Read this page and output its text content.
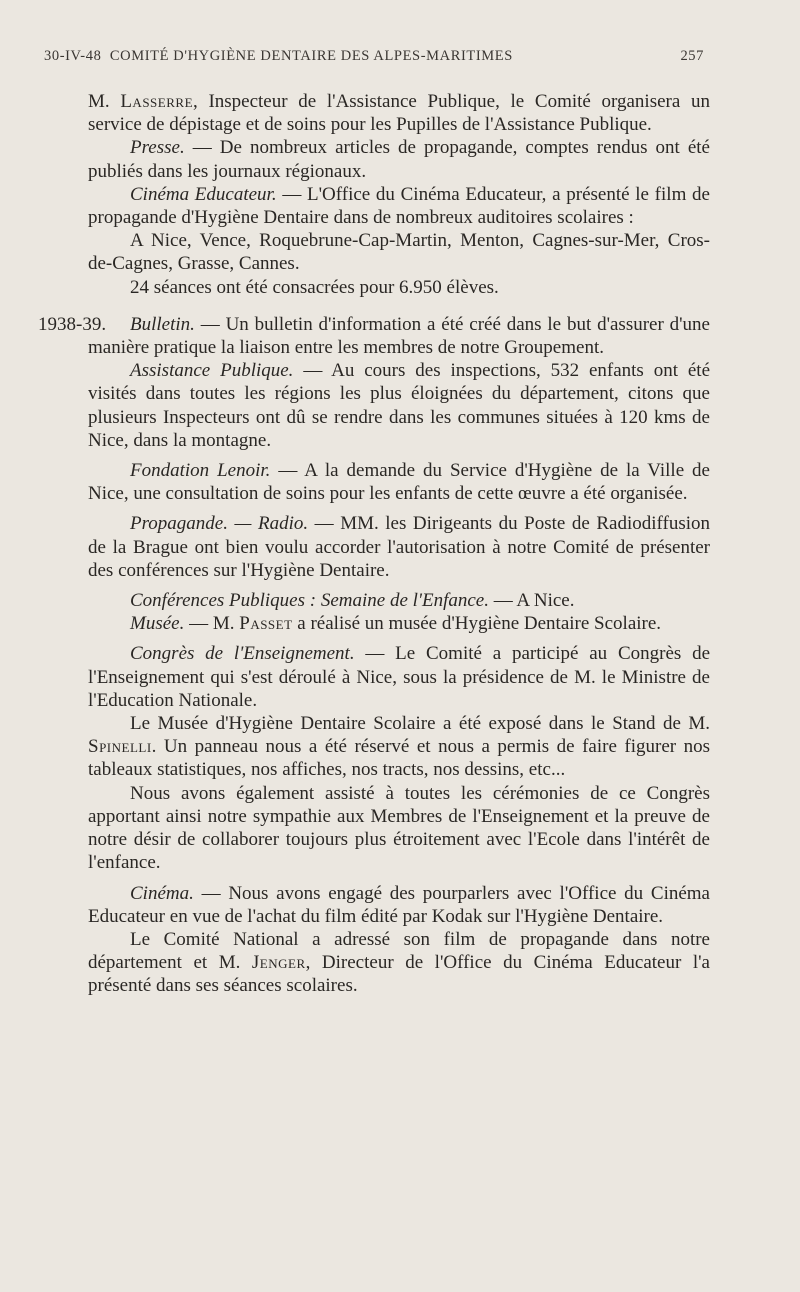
30-IV-48 COMITÉ D'HYGIÈNE DENTAIRE DES ALPES-MARITIMES	257

M. Lasserre, Inspecteur de l'Assistance Publique, le Comité organisera un service de dépistage et de soins pour les Pupilles de l'Assistance Publique.

Presse. — De nombreux articles de propagande, comptes rendus ont été publiés dans les journaux régionaux.

Cinéma Educateur. — L'Office du Cinéma Educateur, a présenté le film de propagande d'Hygiène Dentaire dans de nombreux auditoires scolaires :

A Nice, Vence, Roquebrune-Cap-Martin, Menton, Cagnes-sur-Mer, Cros-de-Cagnes, Grasse, Cannes.

24 séances ont été consacrées pour 6.950 élèves.

1938-39.	Bulletin. — Un bulletin d'information a été créé dans le but d'assurer d'une manière pratique la liaison entre les membres de notre Groupement.

Assistance Publique. — Au cours des inspections, 532 enfants ont été visités dans toutes les régions les plus éloignées du département, citons que plusieurs Inspecteurs ont dû se rendre dans les communes situées à 120 kms de Nice, dans la montagne.

Fondation Lenoir. — A la demande du Service d'Hygiène de la Ville de Nice, une consultation de soins pour les enfants de cette œuvre a été organisée.

Propagande. — Radio. — MM. les Dirigeants du Poste de Radiodiffusion de la Brague ont bien voulu accorder l'autorisation à notre Comité de présenter des conférences sur l'Hygiène Dentaire.

Conférences Publiques : Semaine de l'Enfance. — A Nice.

Musée. — M. Passet a réalisé un musée d'Hygiène Dentaire Scolaire.

Congrès de l'Enseignement. — Le Comité a participé au Congrès de l'Enseignement qui s'est déroulé à Nice, sous la présidence de M. le Ministre de l'Education Nationale.

Le Musée d'Hygiène Dentaire Scolaire a été exposé dans le Stand de M. Spinelli. Un panneau nous a été réservé et nous a permis de faire figurer nos tableaux statistiques, nos affiches, nos tracts, nos dessins, etc...

Nous avons également assisté à toutes les cérémonies de ce Congrès apportant ainsi notre sympathie aux Membres de l'Enseignement et la preuve de notre désir de collaborer toujours plus étroitement avec l'Ecole dans l'intérêt de l'enfance.

Cinéma. — Nous avons engagé des pourparlers avec l'Office du Cinéma Educateur en vue de l'achat du film édité par Kodak sur l'Hygiène Dentaire.

Le Comité National a adressé son film de propagande dans notre département et M. Jenger, Directeur de l'Office du Cinéma Educateur l'a présenté dans ses séances scolaires.
